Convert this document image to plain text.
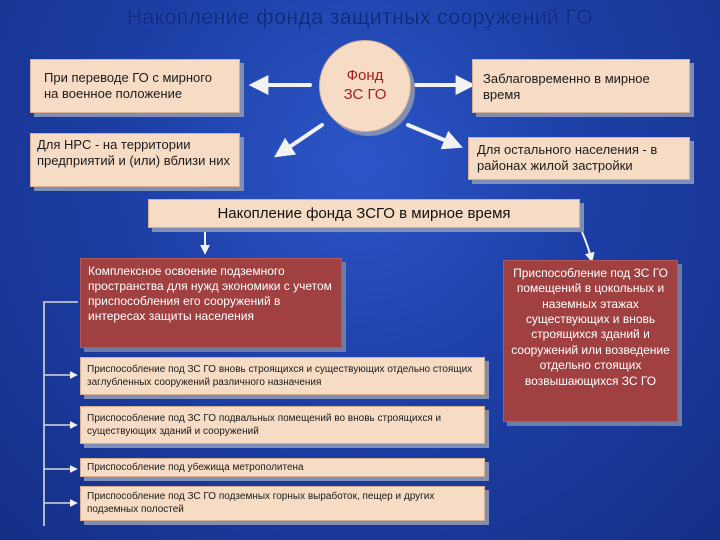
Накопление фонда защитных сооружений ГО
При переводе ГО с мирного на военное положение
Фонд
ЗС ГО
Заблаговременно в мирное время
Для НРС - на территории предприятий и (или) вблизи них
Для остального населения - в районах жилой застройки
Накопление фонда ЗСГО в мирное время
Комплексное освоение подземного пространства для нужд экономики с учетом приспособления его сооружений в интересах защиты населения
Приспособление под ЗС ГО помещений в цокольных и наземных этажах существующих и вновь строящихся зданий и сооружений или возведение отдельно стоящих возвышающихся ЗС ГО
Приспособление под ЗС ГО вновь строящихся и существующих отдельно стоящих заглубленных сооружений различного назначения
Приспособление под ЗС ГО подвальных помещений во вновь строящихся и существующих зданий и сооружений
Приспособление под убежища метрополитена
Приспособление под ЗС ГО подземных горных выработок, пещер и других подземных полостей
